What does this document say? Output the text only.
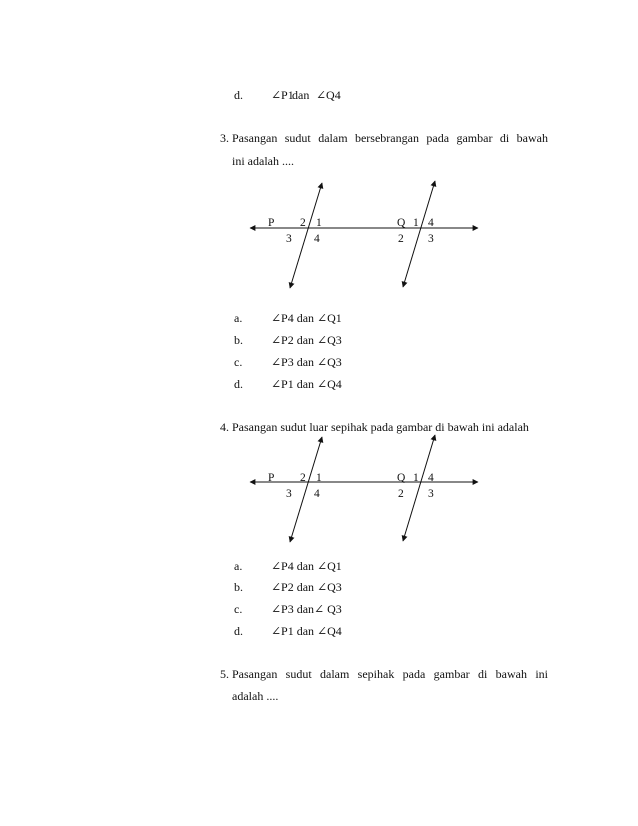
d. ∠P1
dan ∠Q4
3. Pasangan sudut dalam bersebrangan pada gambar di bawah
ini adalah ....
P 2 1
3 4
Q 1 4
2 3
P 2 1
3 4
Q 1 4
2 3
a. ∠P4 dan ∠Q1
b. ∠P2 dan ∠Q3
c. ∠P3 dan ∠Q3
d. ∠P1 dan ∠Q4
4. Pasangan sudut luar sepihak pada gambar di bawah ini adalah
a. ∠P4 dan ∠Q1
b. ∠P2 dan ∠Q3
c. ∠P3 dan∠ Q3
d. ∠P1 dan ∠Q4
5. Pasangan sudut dalam sepihak pada gambar di bawah ini
adalah ....
